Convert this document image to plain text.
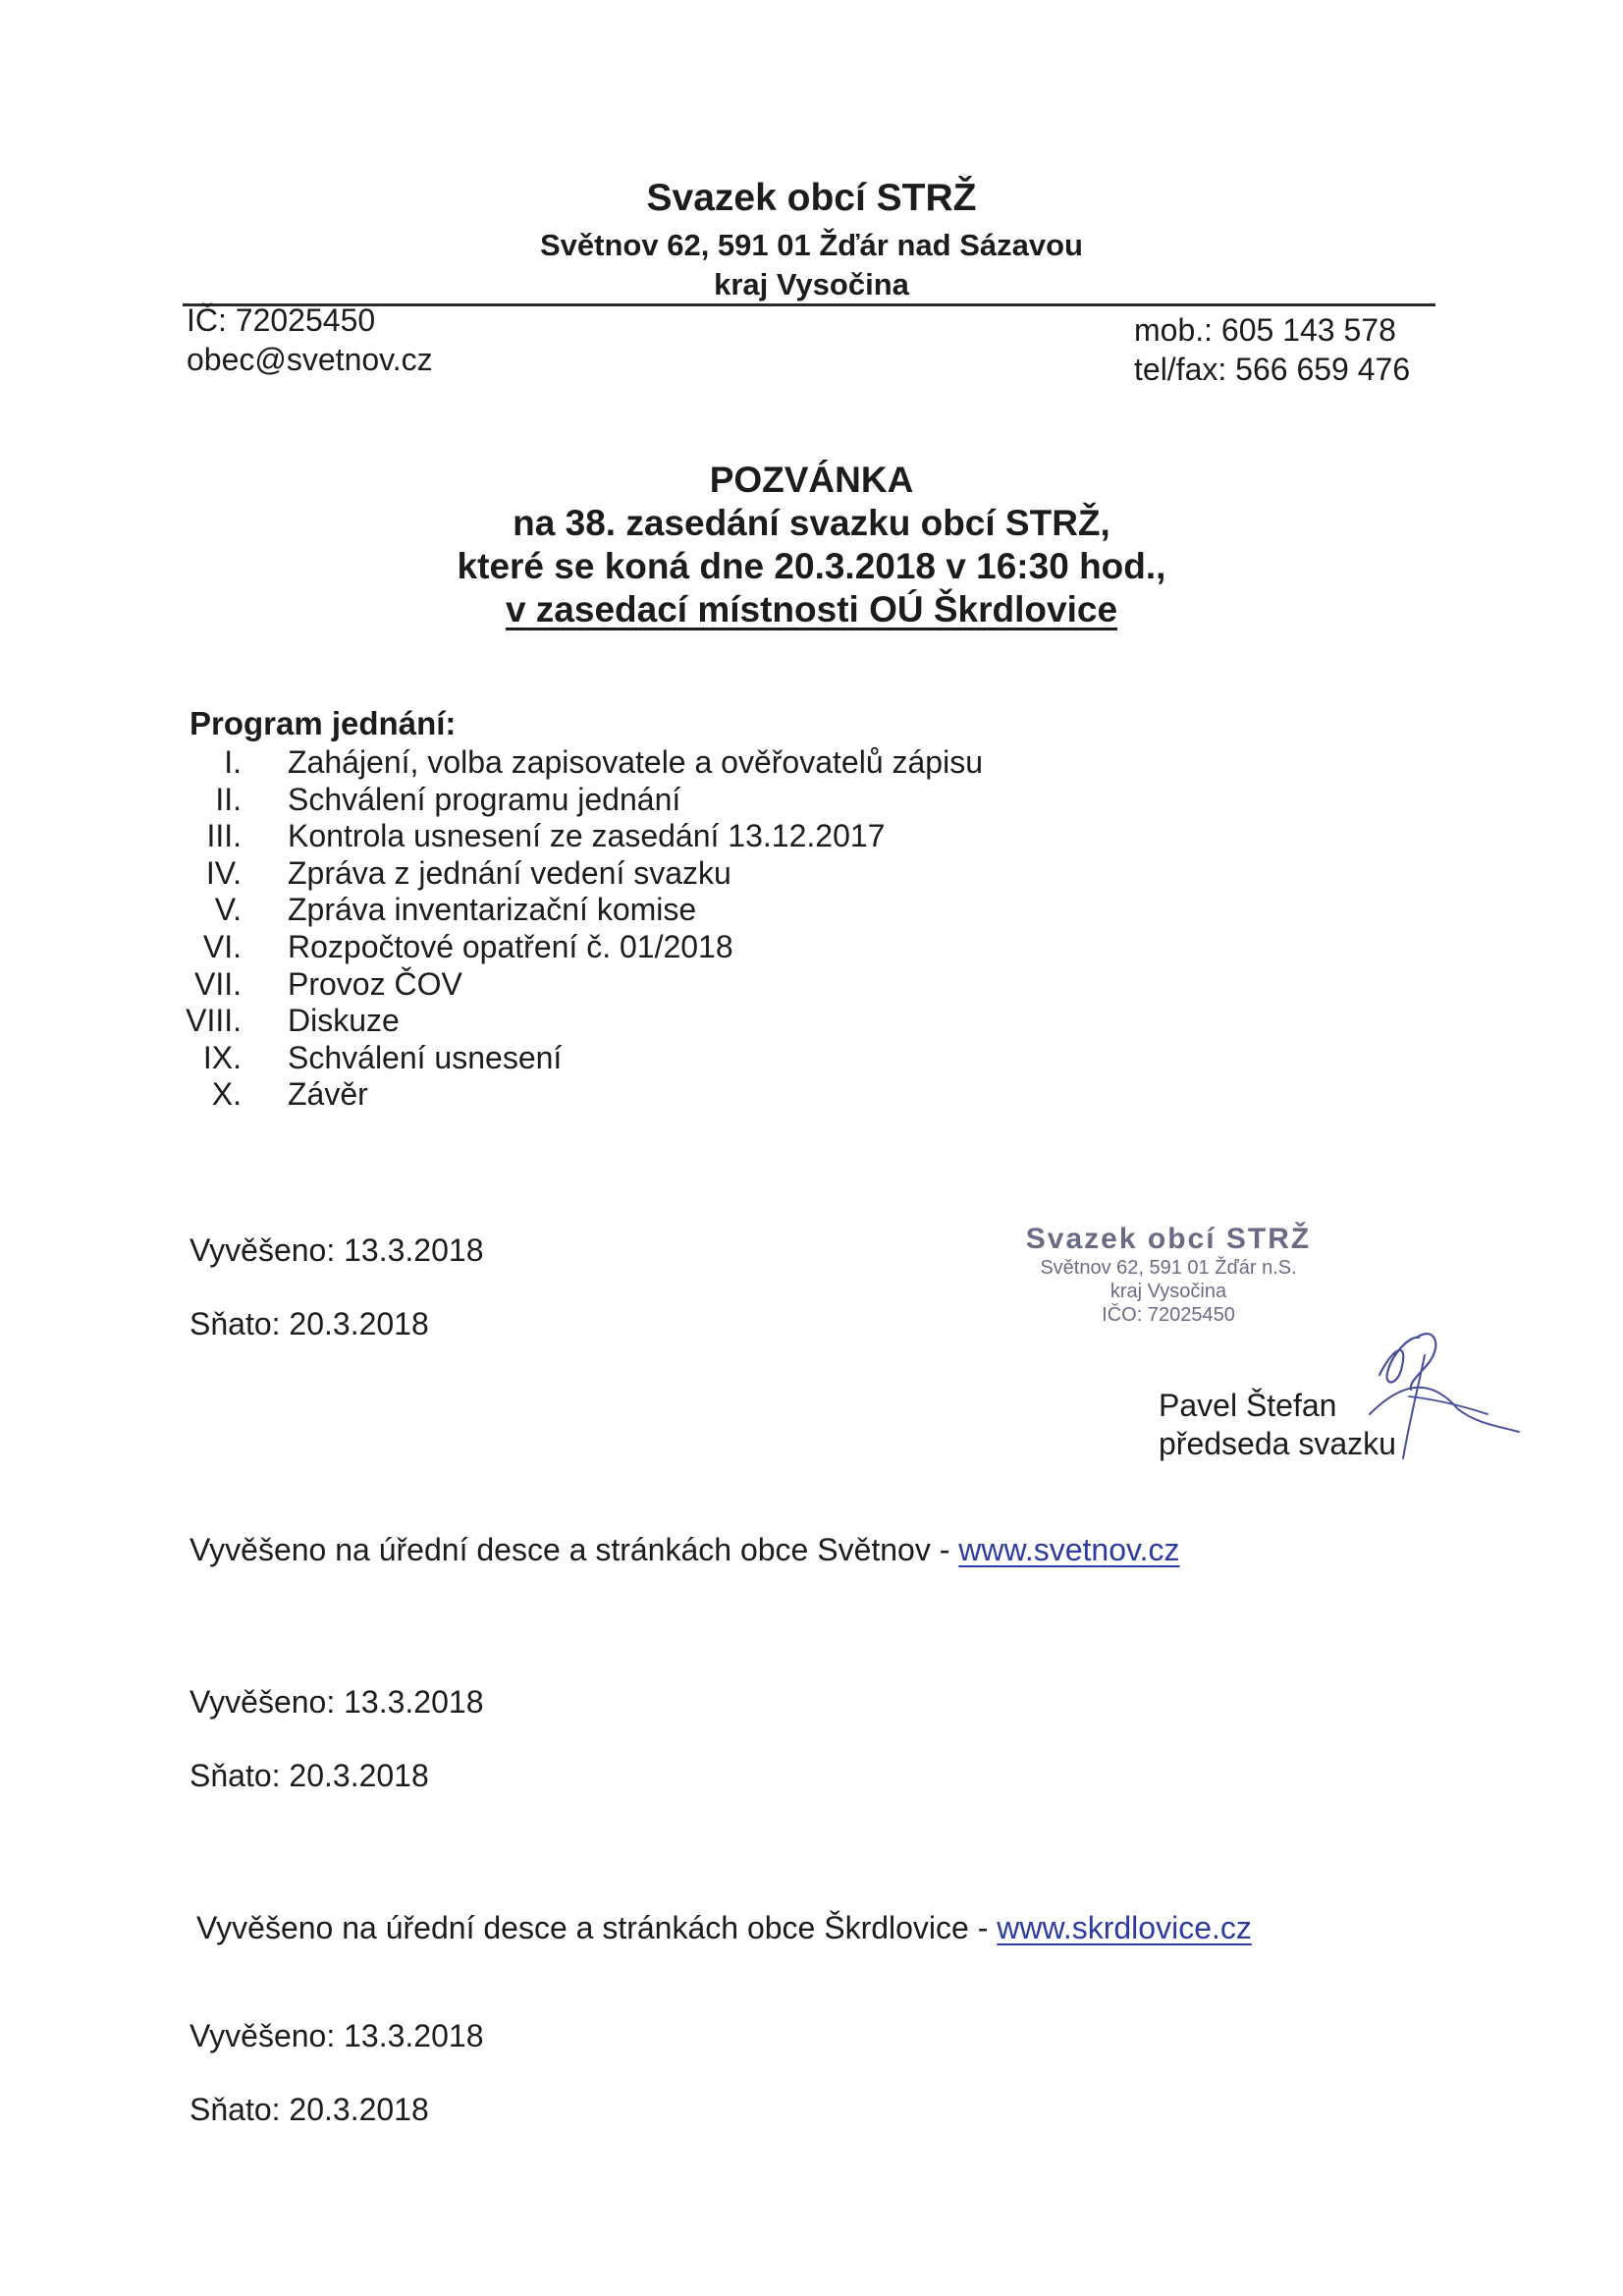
Svazek obcí STRŽ
Světnov 62, 591 01 Žďár nad Sázavou
kraj Vysočina
IČ: 72025450
obec@svetnov.cz
mob.: 605 143 578
tel/fax: 566 659 476
POZVÁNKA
na 38. zasedání svazku obcí STRŽ,
které se koná dne 20.3.2018 v 16:30 hod.,
v zasedací místnosti OÚ Škrdlovice
Program jednání:
I. Zahájení, volba zapisovatele a ověřovatelů zápisu
II. Schválení programu jednání
III. Kontrola usnesení ze zasedání 13.12.2017
IV. Zpráva z jednání vedení svazku
V. Zpráva inventarizační komise
VI. Rozpočtové opatření č. 01/2018
VII. Provoz ČOV
VIII. Diskuze
IX. Schválení usnesení
X. Závěr
Vyvěšeno: 13.3.2018
Sňato: 20.3.2018
Svazek obcí STRŽ
Světnov 62, 591 01 Žďár n.S.
kraj Vysočina
IČO: 72025450
Pavel Štefan
předseda svazku
Vyvěšeno na úřední desce a stránkách obce Světnov - www.svetnov.cz
Vyvěšeno: 13.3.2018
Sňato: 20.3.2018
Vyvěšeno na úřední desce a stránkách obce Škrdlovice - www.skrdlovice.cz
Vyvěšeno: 13.3.2018
Sňato: 20.3.2018
